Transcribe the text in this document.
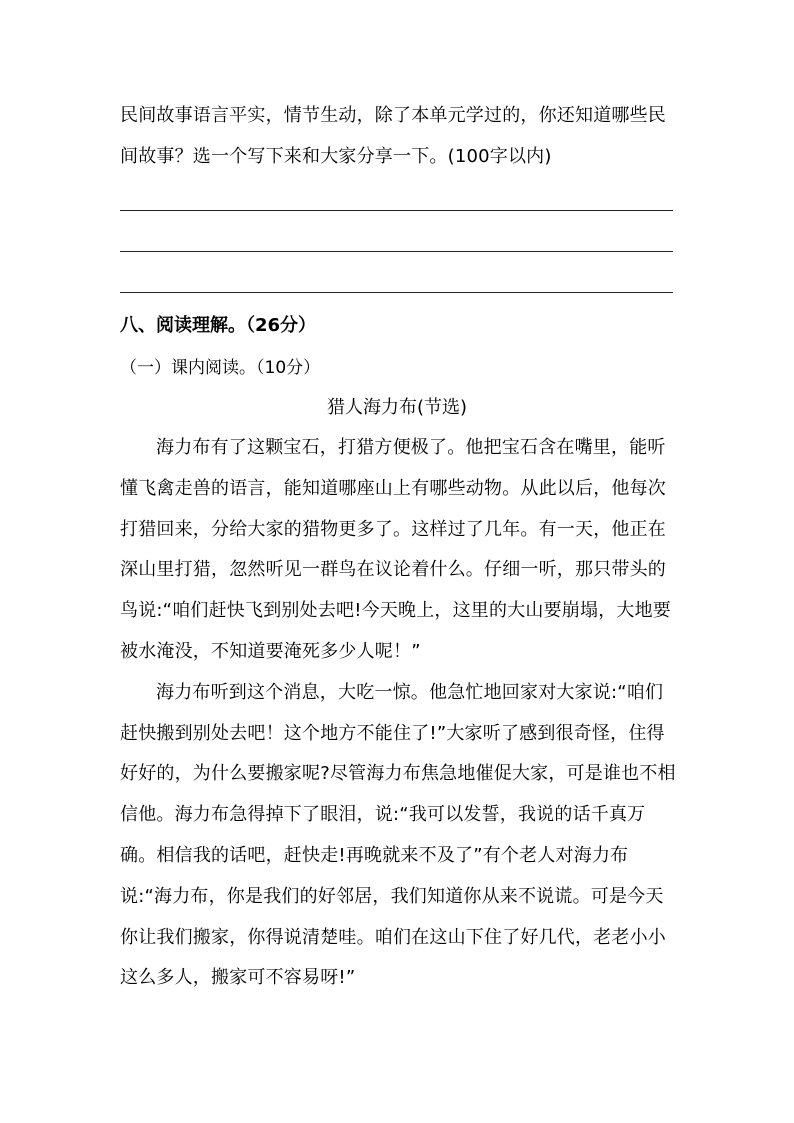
民间故事语言平实，情节生动，除了本单元学过的，你还知道哪些民间故事？选一个写下来和大家分享一下。(100字以内)
八、阅读理解。（26分）
（一）课内阅读。（10分）
猎人海力布(节选)

海力布有了这颗宝石，打猎方便极了。他把宝石含在嘴里，能听懂飞禽走兽的语言，能知道哪座山上有哪些动物。从此以后，他每次打猎回来，分给大家的猎物更多了。这样过了几年。有一天，他正在深山里打猎，忽然听见一群鸟在议论着什么。仔细一听，那只带头的鸟说:“咱们赶快飞到别处去吧!今天晚上，这里的大山要崩塌，大地要被水淹没，不知道要淹死多少人呢！”

海力布听到这个消息，大吃一惊。他急忙地回家对大家说:“咱们赶快搬到别处去吧！这个地方不能住了!”大家听了感到很奇怪，住得好好的，为什么要搬家呢?尽管海力布焦急地催促大家，可是谁也不相信他。海力布急得掉下了眼泪，说:“我可以发誓，我说的话千真万确。相信我的话吧，赶快走!再晚就来不及了”有个老人对海力布说:“海力布，你是我们的好邻居，我们知道你从来不说谎。可是今天你让我们搬家，你得说清楚哇。咱们在这山下住了好几代，老老小小这么多人，搬家可不容易呀!”
